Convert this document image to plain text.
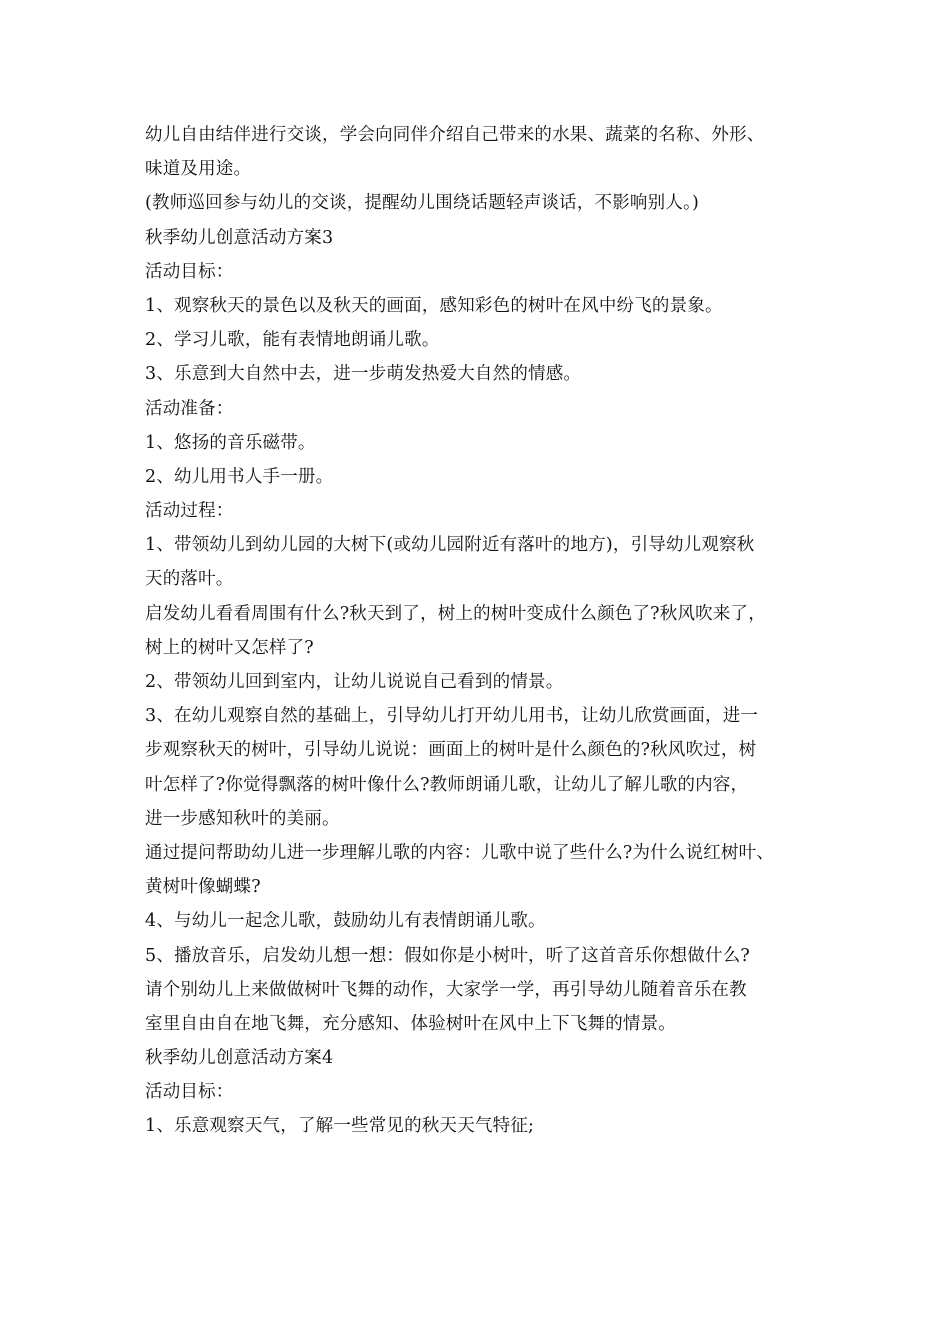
幼儿自由结伴进行交谈，学会向同伴介绍自己带来的水果、蔬菜的名称、外形、
味道及用途。
(教师巡回参与幼儿的交谈，提醒幼儿围绕话题轻声谈话，不影响别人。)
秋季幼儿创意活动方案3
活动目标：
1、观察秋天的景色以及秋天的画面，感知彩色的树叶在风中纷飞的景象。
2、学习儿歌，能有表情地朗诵儿歌。
3、乐意到大自然中去，进一步萌发热爱大自然的情感。
活动准备：
1、悠扬的音乐磁带。
2、幼儿用书人手一册。
活动过程：
1、带领幼儿到幼儿园的大树下(或幼儿园附近有落叶的地方)，引导幼儿观察秋
天的落叶。
启发幼儿看看周围有什么?秋天到了，树上的树叶变成什么颜色了?秋风吹来了，
树上的树叶又怎样了?
2、带领幼儿回到室内，让幼儿说说自己看到的情景。
3、在幼儿观察自然的基础上，引导幼儿打开幼儿用书，让幼儿欣赏画面，进一
步观察秋天的树叶，引导幼儿说说：画面上的树叶是什么颜色的?秋风吹过，树
叶怎样了?你觉得飘落的树叶像什么?教师朗诵儿歌，让幼儿了解儿歌的内容，
进一步感知秋叶的美丽。
通过提问帮助幼儿进一步理解儿歌的内容：儿歌中说了些什么?为什么说红树叶、
黄树叶像蝴蝶?
4、与幼儿一起念儿歌，鼓励幼儿有表情朗诵儿歌。
5、播放音乐，启发幼儿想一想：假如你是小树叶，听了这首音乐你想做什么?
请个别幼儿上来做做树叶飞舞的动作，大家学一学，再引导幼儿随着音乐在教
室里自由自在地飞舞，充分感知、体验树叶在风中上下飞舞的情景。
秋季幼儿创意活动方案4
活动目标：
1、乐意观察天气，了解一些常见的秋天天气特征;
